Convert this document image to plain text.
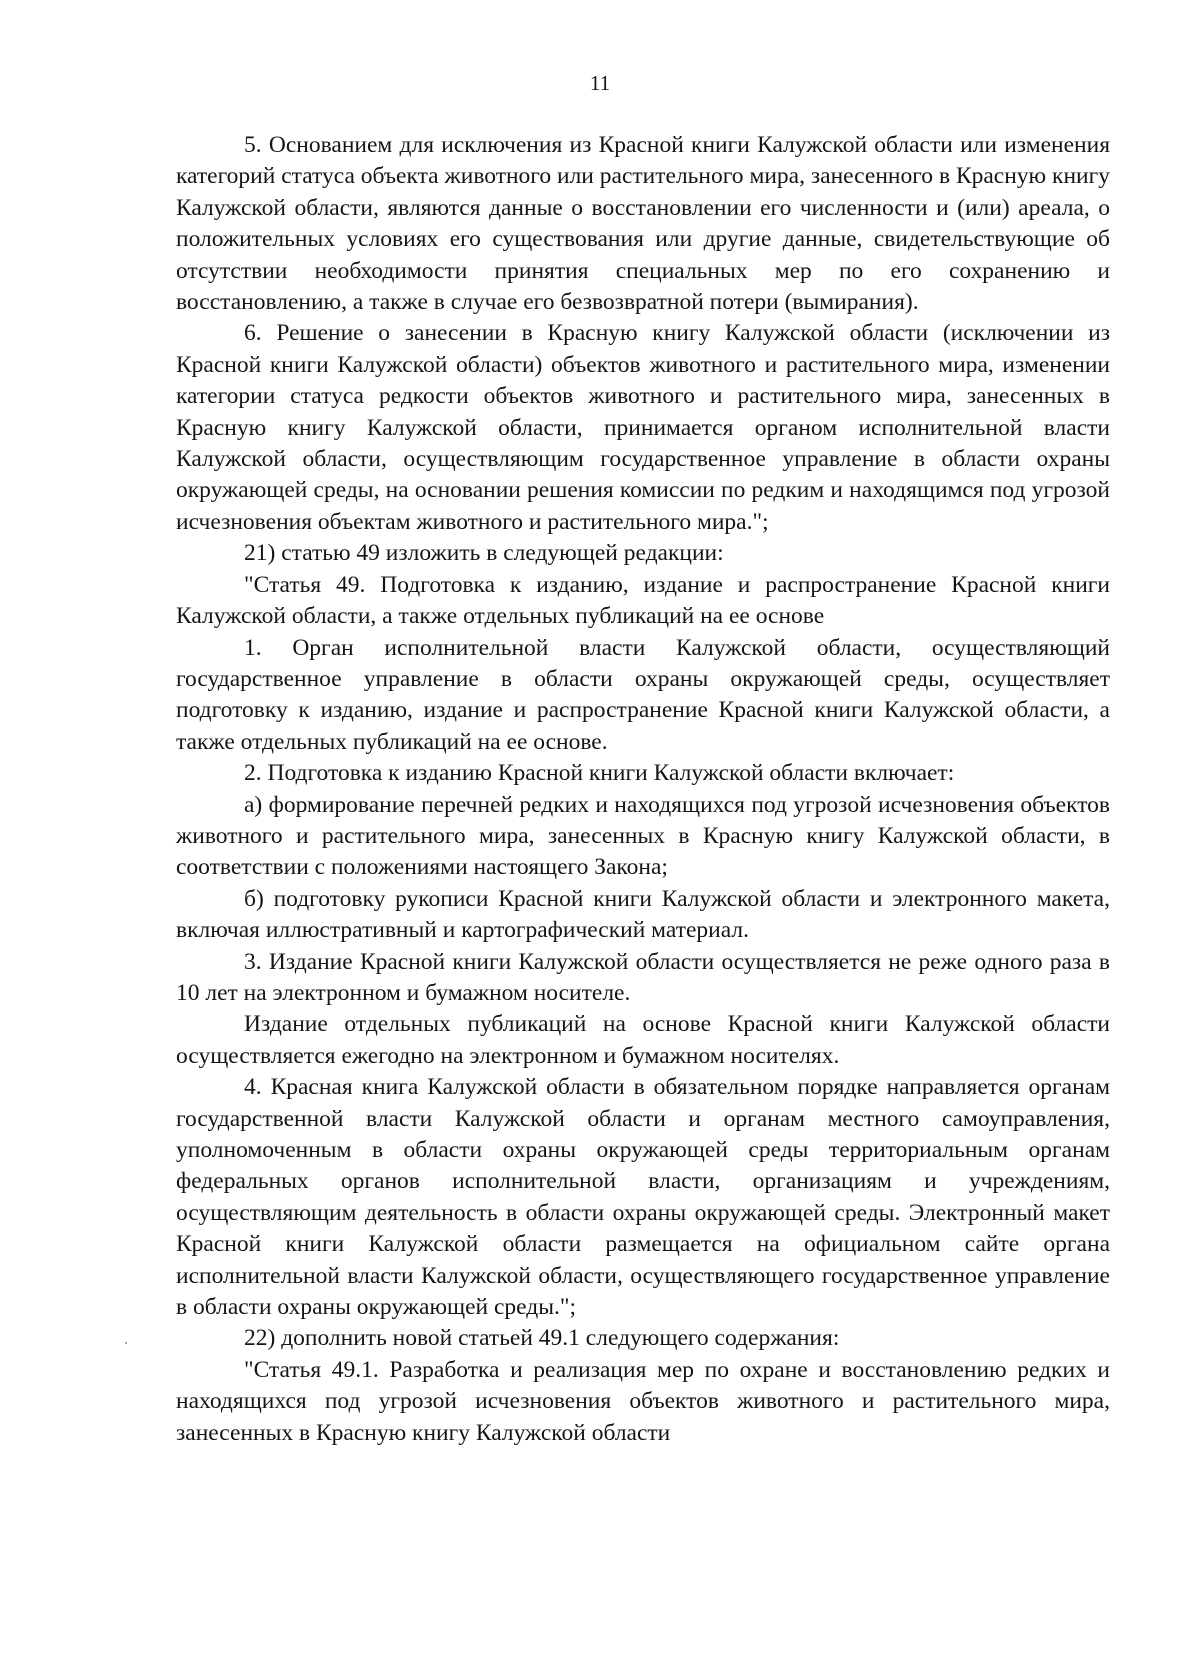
11

5. Основанием для исключения из Красной книги Калужской области или изменения категорий статуса объекта животного или растительного мира, занесенного в Красную книгу Калужской области, являются данные о восстановлении его численности и (или) ареала, о положительных условиях его существования или другие данные, свидетельствующие об отсутствии необходимости принятия специальных мер по его сохранению и восстановлению, а также в случае его безвозвратной потери (вымирания).

6. Решение о занесении в Красную книгу Калужской области (исключении из Красной книги Калужской области) объектов животного и растительного мира, изменении категории статуса редкости объектов животного и растительного мира, занесенных в Красную книгу Калужской области, принимается органом исполнительной власти Калужской области, осуществляющим государственное управление в области охраны окружающей среды, на основании решения комиссии по редким и находящимся под угрозой исчезновения объектам животного и растительного мира.";

21) статью 49 изложить в следующей редакции:

"Статья 49. Подготовка к изданию, издание и распространение Красной книги Калужской области, а также отдельных публикаций на ее основе

1. Орган исполнительной власти Калужской области, осуществляющий государственное управление в области охраны окружающей среды, осуществляет подготовку к изданию, издание и распространение Красной книги Калужской области, а также отдельных публикаций на ее основе.

2. Подготовка к изданию Красной книги Калужской области включает:

а) формирование перечней редких и находящихся под угрозой исчезновения объектов животного и растительного мира, занесенных в Красную книгу Калужской области, в соответствии с положениями настоящего Закона;

б) подготовку рукописи Красной книги Калужской области и электронного макета, включая иллюстративный и картографический материал.

3. Издание Красной книги Калужской области осуществляется не реже одного раза в 10 лет на электронном и бумажном носителе.

Издание отдельных публикаций на основе Красной книги Калужской области осуществляется ежегодно на электронном и бумажном носителях.

4. Красная книга Калужской области в обязательном порядке направляется органам государственной власти Калужской области и органам местного самоуправления, уполномоченным в области охраны окружающей среды территориальным органам федеральных органов исполнительной власти, организациям и учреждениям, осуществляющим деятельность в области охраны окружающей среды. Электронный макет Красной книги Калужской области размещается на официальном сайте органа исполнительной власти Калужской области, осуществляющего государственное управление в области охраны окружающей среды.";

22) дополнить новой статьей 49.1 следующего содержания:

"Статья 49.1. Разработка и реализация мер по охране и восстановлению редких и находящихся под угрозой исчезновения объектов животного и растительного мира, занесенных в Красную книгу Калужской области
